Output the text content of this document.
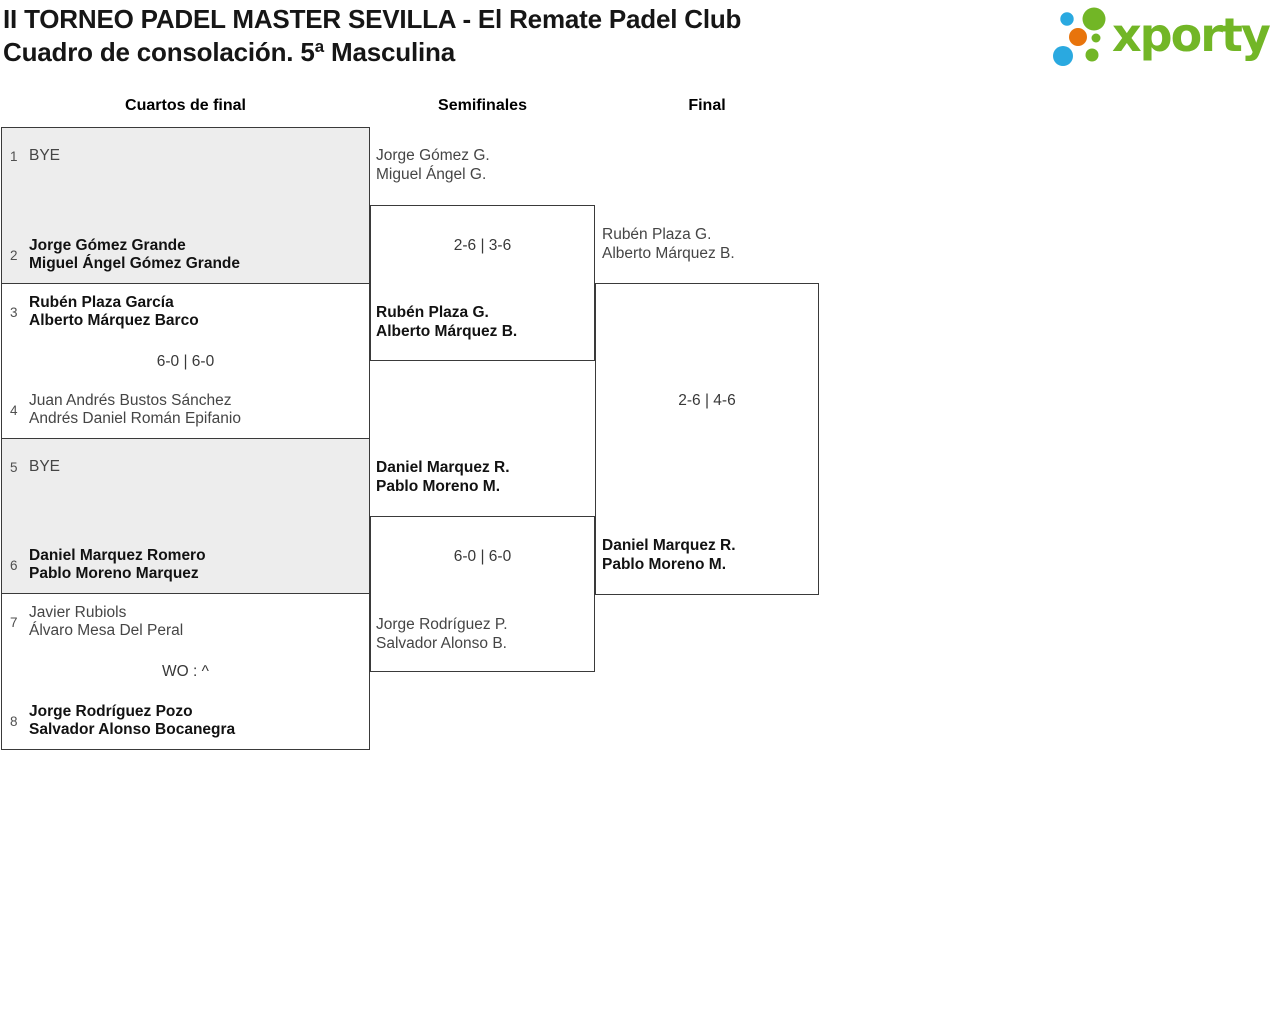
II TORNEO PADEL MASTER SEVILLA - El Remate Padel Club
Cuadro de consolación. 5ª Masculina	xporty
Cuartos de final	Semifinales	Final
1 BYE
2
Jorge Gómez Grande
Miguel Ángel Gómez Grande
3
Rubén Plaza García
Alberto Márquez Barco
6-0 | 6-0
4
Juan Andrés Bustos Sánchez
Andrés Daniel Román Epifanio
5 BYE
6
Daniel Marquez Romero
Pablo Moreno Marquez
7
Javier Rubiols
Álvaro Mesa Del Peral
WO : ^
8
Jorge Rodríguez Pozo
Salvador Alonso Bocanegra
2-6 | 3-6
6-0 | 6-0
2-6 | 4-6
Jorge Gómez G.
Miguel Ángel G.
Rubén Plaza G.
Alberto Márquez B.
Daniel Marquez R.
Pablo Moreno M.
Jorge Rodríguez P.
Salvador Alonso B.
Rubén Plaza G.
Alberto Márquez B.
Daniel Marquez R.
Pablo Moreno M.
